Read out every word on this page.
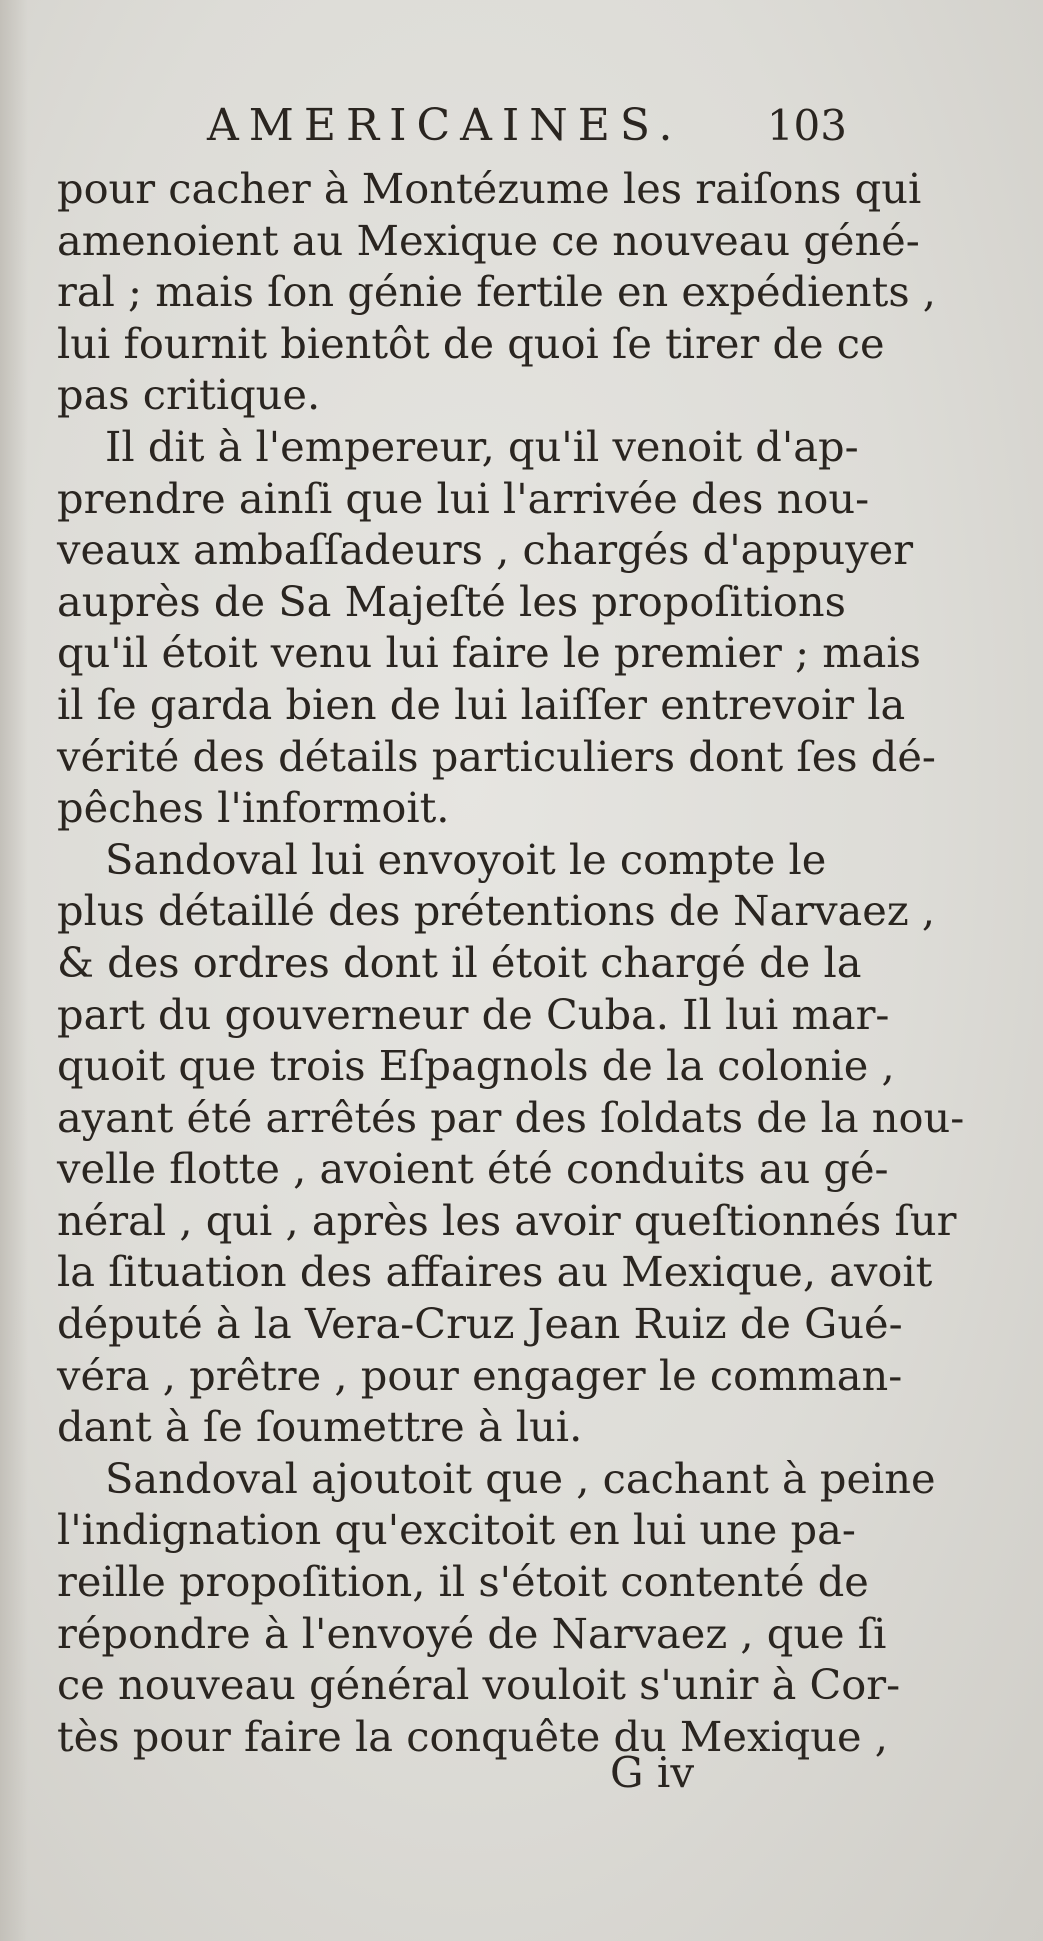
AMERICAINES. 103
pour cacher à Montézume les raiſons qui
amenoient au Mexique ce nouveau géné-
ral ; mais ſon génie fertile en expédients ,
lui fournit bientôt de quoi ſe tirer de ce
pas critique.
Il dit à l'empereur, qu'il venoit d'ap-
prendre ainſi que lui l'arrivée des nou-
veaux ambaſſadeurs , chargés d'appuyer
auprès de Sa Majeſté les propoſitions
qu'il étoit venu lui faire le premier ; mais
il ſe garda bien de lui laiſſer entrevoir la
vérité des détails particuliers dont ſes dé-
pêches l'informoit.
Sandoval lui envoyoit le compte le
plus détaillé des prétentions de Narvaez ,
& des ordres dont il étoit chargé de la
part du gouverneur de Cuba. Il lui mar-
quoit que trois Eſpagnols de la colonie ,
ayant été arrêtés par des ſoldats de la nou-
velle flotte , avoient été conduits au gé-
néral , qui , après les avoir queſtionnés ſur
la ſituation des affaires au Mexique, avoit
député à la Vera-Cruz Jean Ruiz de Gué-
véra , prêtre , pour engager le comman-
dant à ſe ſoumettre à lui.
Sandoval ajoutoit que , cachant à peine
l'indignation qu'excitoit en lui une pa-
reille propoſition, il s'étoit contenté de
répondre à l'envoyé de Narvaez , que ſi
ce nouveau général vouloit s'unir à Cor-
tès pour faire la conquête du Mexique ,
G iv
